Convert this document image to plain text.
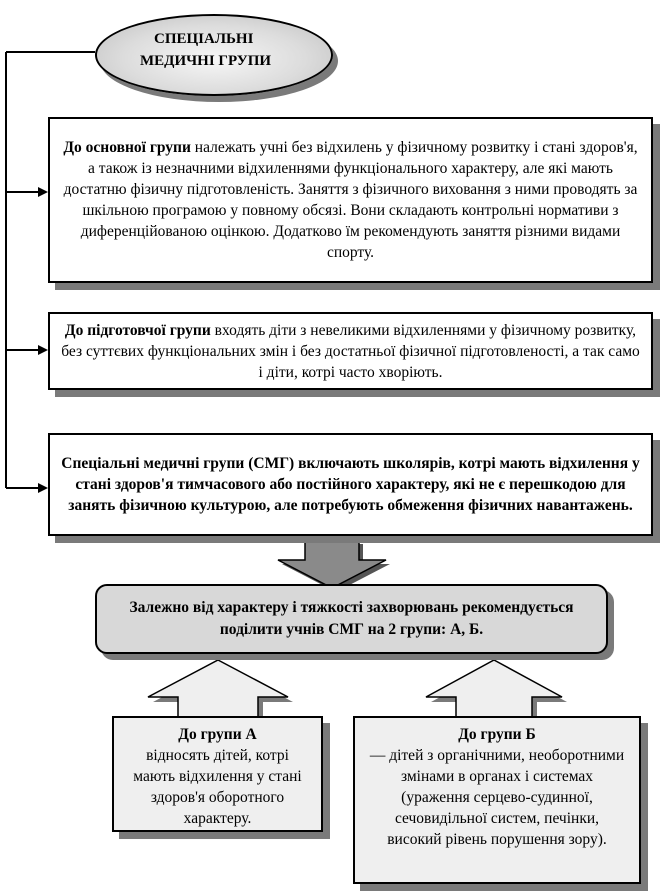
СПЕЦІАЛЬНІ
МЕДИЧНІ ГРУПИ

До основної групи належать учні без відхилень у фізичному розвитку і стані здоров'я, а також із незначними відхиленнями функціонального характеру, але які мають достатню фізичну підготовленість. Заняття з фізичного виховання з ними проводять за шкільною програмою у повному обсязі. Вони складають контрольні нормативи з диференційованою оцінкою. Додатково їм рекомендують заняття різними видами спорту.

До підготовчої групи входять діти з невеликими відхиленнями у фізичному розвитку, без суттєвих функціональних змін і без достатньої фізичної підготовленості, а так само і діти, котрі часто хворіють.

Спеціальні медичні групи (СМГ) включають школярів, котрі мають відхилення у стані здоров'я тимчасового або постійного характеру, які не є перешкодою для занять фізичною культурою, але потребують обмеження фізичних навантажень.

Залежно від характеру і тяжкості захворювань рекомендується поділити учнів СМГ на 2 групи: А, Б.

До групи А
відносять дітей, котрі мають відхилення у стані здоров'я оборотного характеру.
До групи Б
— дітей з органічними, необоротними змінами в органах і системах (ураження серцево-судинної, сечовидільної систем, печінки, високий рівень порушення зору).
